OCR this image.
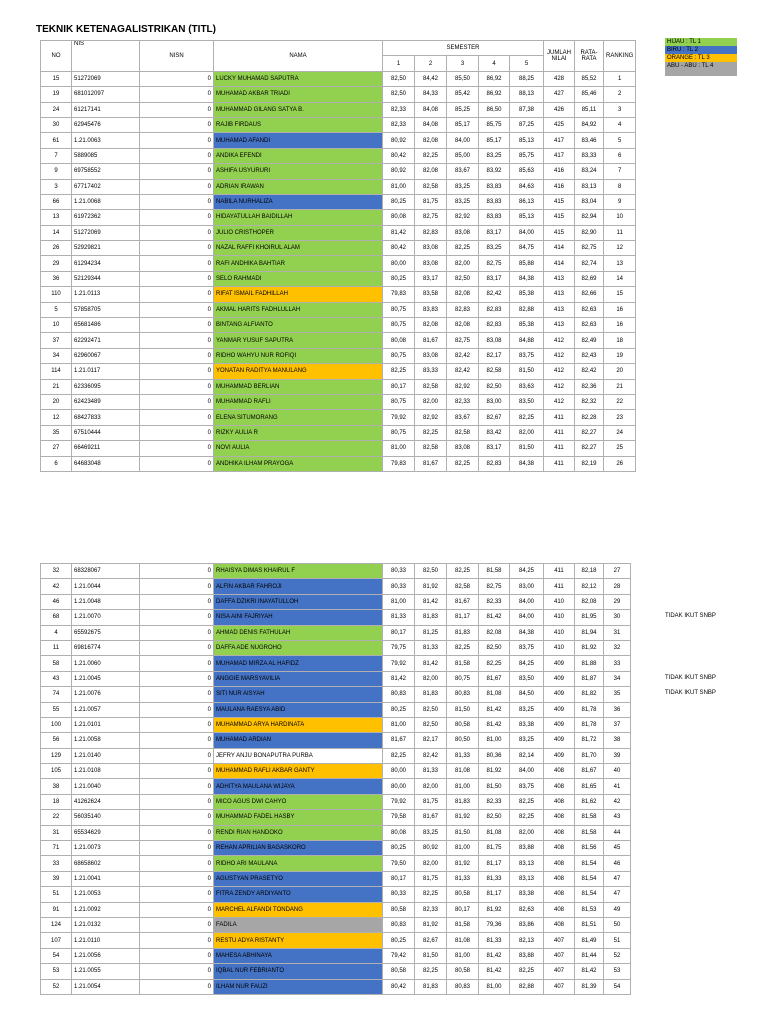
TEKNIK KETENAGALISTRIKAN (TITL)
HIJAU : TL 1
BIRU : TL 2
ORANGE : TL 3
ABU - ABU : TL 4
NO	NIS	NISN	NAMA	SEMESTER					JUMLAH NILAI	RATA-RATA	RANKING
				1	2	3	4	5			
15	51272069	0	LUCKY MUHAMAD SAPUTRA	82,50	84,42	85,50	86,92	88,25	428	85,52	1
19	681012097	0	MUHAMAD AKBAR TRIADI	82,50	84,33	85,42	86,92	88,13	427	85,46	2
24	61217141	0	MUHAMMAD GILANG SATYA B.	82,33	84,08	85,25	86,50	87,38	426	85,11	3
30	62945476	0	RAJIB FIRDAUS	82,33	84,08	85,17	85,75	87,25	425	84,92	4
61	1.21.0063	0	MUHAMAD AFANDI	80,92	82,08	84,00	85,17	85,13	417	83,46	5
7	5889085	0	ANDIKA EFENDI	80,42	82,25	85,00	83,25	85,75	417	83,33	6
9	69758552	0	ASHIFA USYURURI	80,92	82,08	83,67	83,92	85,63	416	83,24	7
3	67717402	0	ADRIAN IRAWAN	81,00	82,58	83,25	83,83	84,63	416	83,13	8
66	1.21.0068	0	NABILA NURHALIZA	80,25	81,75	83,25	83,83	86,13	415	83,04	9
13	61972362	0	HIDAYATULLAH BAIDILLAH	80,08	82,75	82,92	83,83	85,13	415	82,94	10
14	51272069	0	JULIO CRISTHOPER	81,42	82,83	83,08	83,17	84,00	415	82,90	11
26	52929821	0	NAZAL RAFFI KHOIRUL ALAM	80,42	83,08	82,25	83,25	84,75	414	82,75	12
29	61294234	0	RAFI ANDHIKA BAHTIAR	80,00	83,08	82,00	82,75	85,88	414	82,74	13
36	52129344	0	SELO RAHMADI	80,25	83,17	82,50	83,17	84,38	413	82,69	14
110	1.21.0113	0	RIFAT ISMAIL FADHILLAH	79,83	83,58	82,08	82,42	85,38	413	82,66	15
5	57858705	0	AKMAL HARITS FADHLULLAH	80,75	83,83	82,83	82,83	82,88	413	82,63	16
10	65681486	0	BINTANG ALFIANTO	80,75	82,08	82,08	82,83	85,38	413	82,63	16
37	62292471	0	YANMAR YUSUF SAPUTRA	80,08	81,67	82,75	83,08	84,88	412	82,49	18
34	62960067	0	RIDHO WAHYU NUR ROFIQI	80,75	83,08	82,42	82,17	83,75	412	82,43	19
114	1.21.0117	0	YONATAN RADITYA MANULANG	82,25	83,33	82,42	82,58	81,50	412	82,42	20
21	62336095	0	MUHAMMAD BERLIAN	80,17	82,58	82,92	82,50	83,63	412	82,36	21
20	62423489	0	MUHAMMAD RAFLI	80,75	82,00	82,33	83,00	83,50	412	82,32	22
12	68427833	0	ELENA SITUMORANG	79,92	82,92	83,67	82,67	82,25	411	82,28	23
35	67510444	0	RIZKY AULIA R	80,75	82,25	82,58	83,42	82,00	411	82,27	24
27	66469211	0	NOVI AULIA	81,00	82,58	83,08	83,17	81,50	411	82,27	25
6	64683048	0	ANDHIKA ILHAM PRAYOGA	79,83	81,67	82,25	82,83	84,38	411	82,19	26
32	68328067	0	RHAISYA DIMAS KHAIRUL F	80,33	82,50	82,25	81,58	84,25	411	82,18	27
42	1.21.0044	0	ALFIN AKBAR FAHROJI	80,33	81,92	82,58	82,75	83,00	411	82,12	28
46	1.21.0048	0	DAFFA DZIKRI INAYATULLOH	81,00	81,42	81,67	82,33	84,00	410	82,08	29
68	1.21.0070	0	NISA AINI FAJRIYAH	81,33	81,83	81,17	81,42	84,00	410	81,95	30
4	65592675	0	AHMAD DENIS FATHULAH	80,17	81,25	81,83	82,08	84,38	410	81,94	31
11	69816774	0	DAFFA ADE NUGROHO	79,75	81,33	82,25	82,50	83,75	410	81,92	32
58	1.21.0060	0	MUHAMAD MIRZA AL HAFIDZ	79,92	81,42	81,58	82,25	84,25	409	81,88	33
43	1.21.0045	0	ANGGIE MARSYAVILIA	81,42	82,00	80,75	81,67	83,50	409	81,87	34
74	1.21.0076	0	SITI NUR AISYAH	80,83	81,83	80,83	81,08	84,50	409	81,82	35
55	1.21.0057	0	MAULANA RAESYA ABID	80,25	82,50	81,50	81,42	83,25	409	81,78	36
100	1.21.0101	0	MUHAMMAD ARYA HARDINATA	81,00	82,50	80,58	81,42	83,38	409	81,78	37
56	1.21.0058	0	MUHAMAD ARDIAN	81,67	82,17	80,50	81,00	83,25	409	81,72	38
129	1.21.0140	0	JEFRY ANJU BONAPUTRA PURBA	82,25	82,42	81,33	80,36	82,14	409	81,70	39
105	1.21.0108	0	MUHAMMAD RAFLI AKBAR GANTY	80,00	81,33	81,08	81,92	84,00	408	81,67	40
38	1.21.0040	0	ADHITYA MAULANA WIJAYA	80,00	82,00	81,00	81,50	83,75	408	81,65	41
18	41262624	0	MICO AGUS DWI CAHYO	79,92	81,75	81,83	82,33	82,25	408	81,62	42
22	56035140	0	MUHAMMAD FADEL HASBY	79,58	81,67	81,92	82,50	82,25	408	81,58	43
31	65534629	0	RENDI RIAN HANDOKO	80,08	83,25	81,50	81,08	82,00	408	81,58	44
71	1.21.0073	0	REHAN APRILIAN BAGASKORO	80,25	80,92	81,00	81,75	83,88	408	81,56	45
33	68658602	0	RIDHO ARI MAULANA	79,50	82,00	81,92	81,17	83,13	408	81,54	46
39	1.21.0041	0	AGUSTYAN PRASETYO	80,17	81,75	81,33	81,33	83,13	408	81,54	47
51	1.21.0053	0	FITRA ZENDY ARDIYANTO	80,33	82,25	80,58	81,17	83,38	408	81,54	47
91	1.21.0092	0	MARCHEL ALFANDI TONDANG	80,58	82,33	80,17	81,92	82,63	408	81,53	49
124	1.21.0132	0	FADILA	80,83	81,92	81,58	79,36	83,86	408	81,51	50
107	1.21.0110	0	RESTU ADYA RISTANTY	80,25	82,67	81,08	81,33	82,13	407	81,49	51
54	1.21.0056	0	MAHESA ABHINAYA	79,42	81,50	81,00	81,42	83,88	407	81,44	52
53	1.21.0055	0	IQBAL NUR FEBRIANTO	80,58	82,25	80,58	81,42	82,25	407	81,42	53
52	1.21.0054	0	ILHAM NUR FAUZI	80,42	81,83	80,83	81,00	82,88	407	81,39	54
TIDAK IKUT SNBP
TIDAK IKUT SNBP
TIDAK IKUT SNBP
